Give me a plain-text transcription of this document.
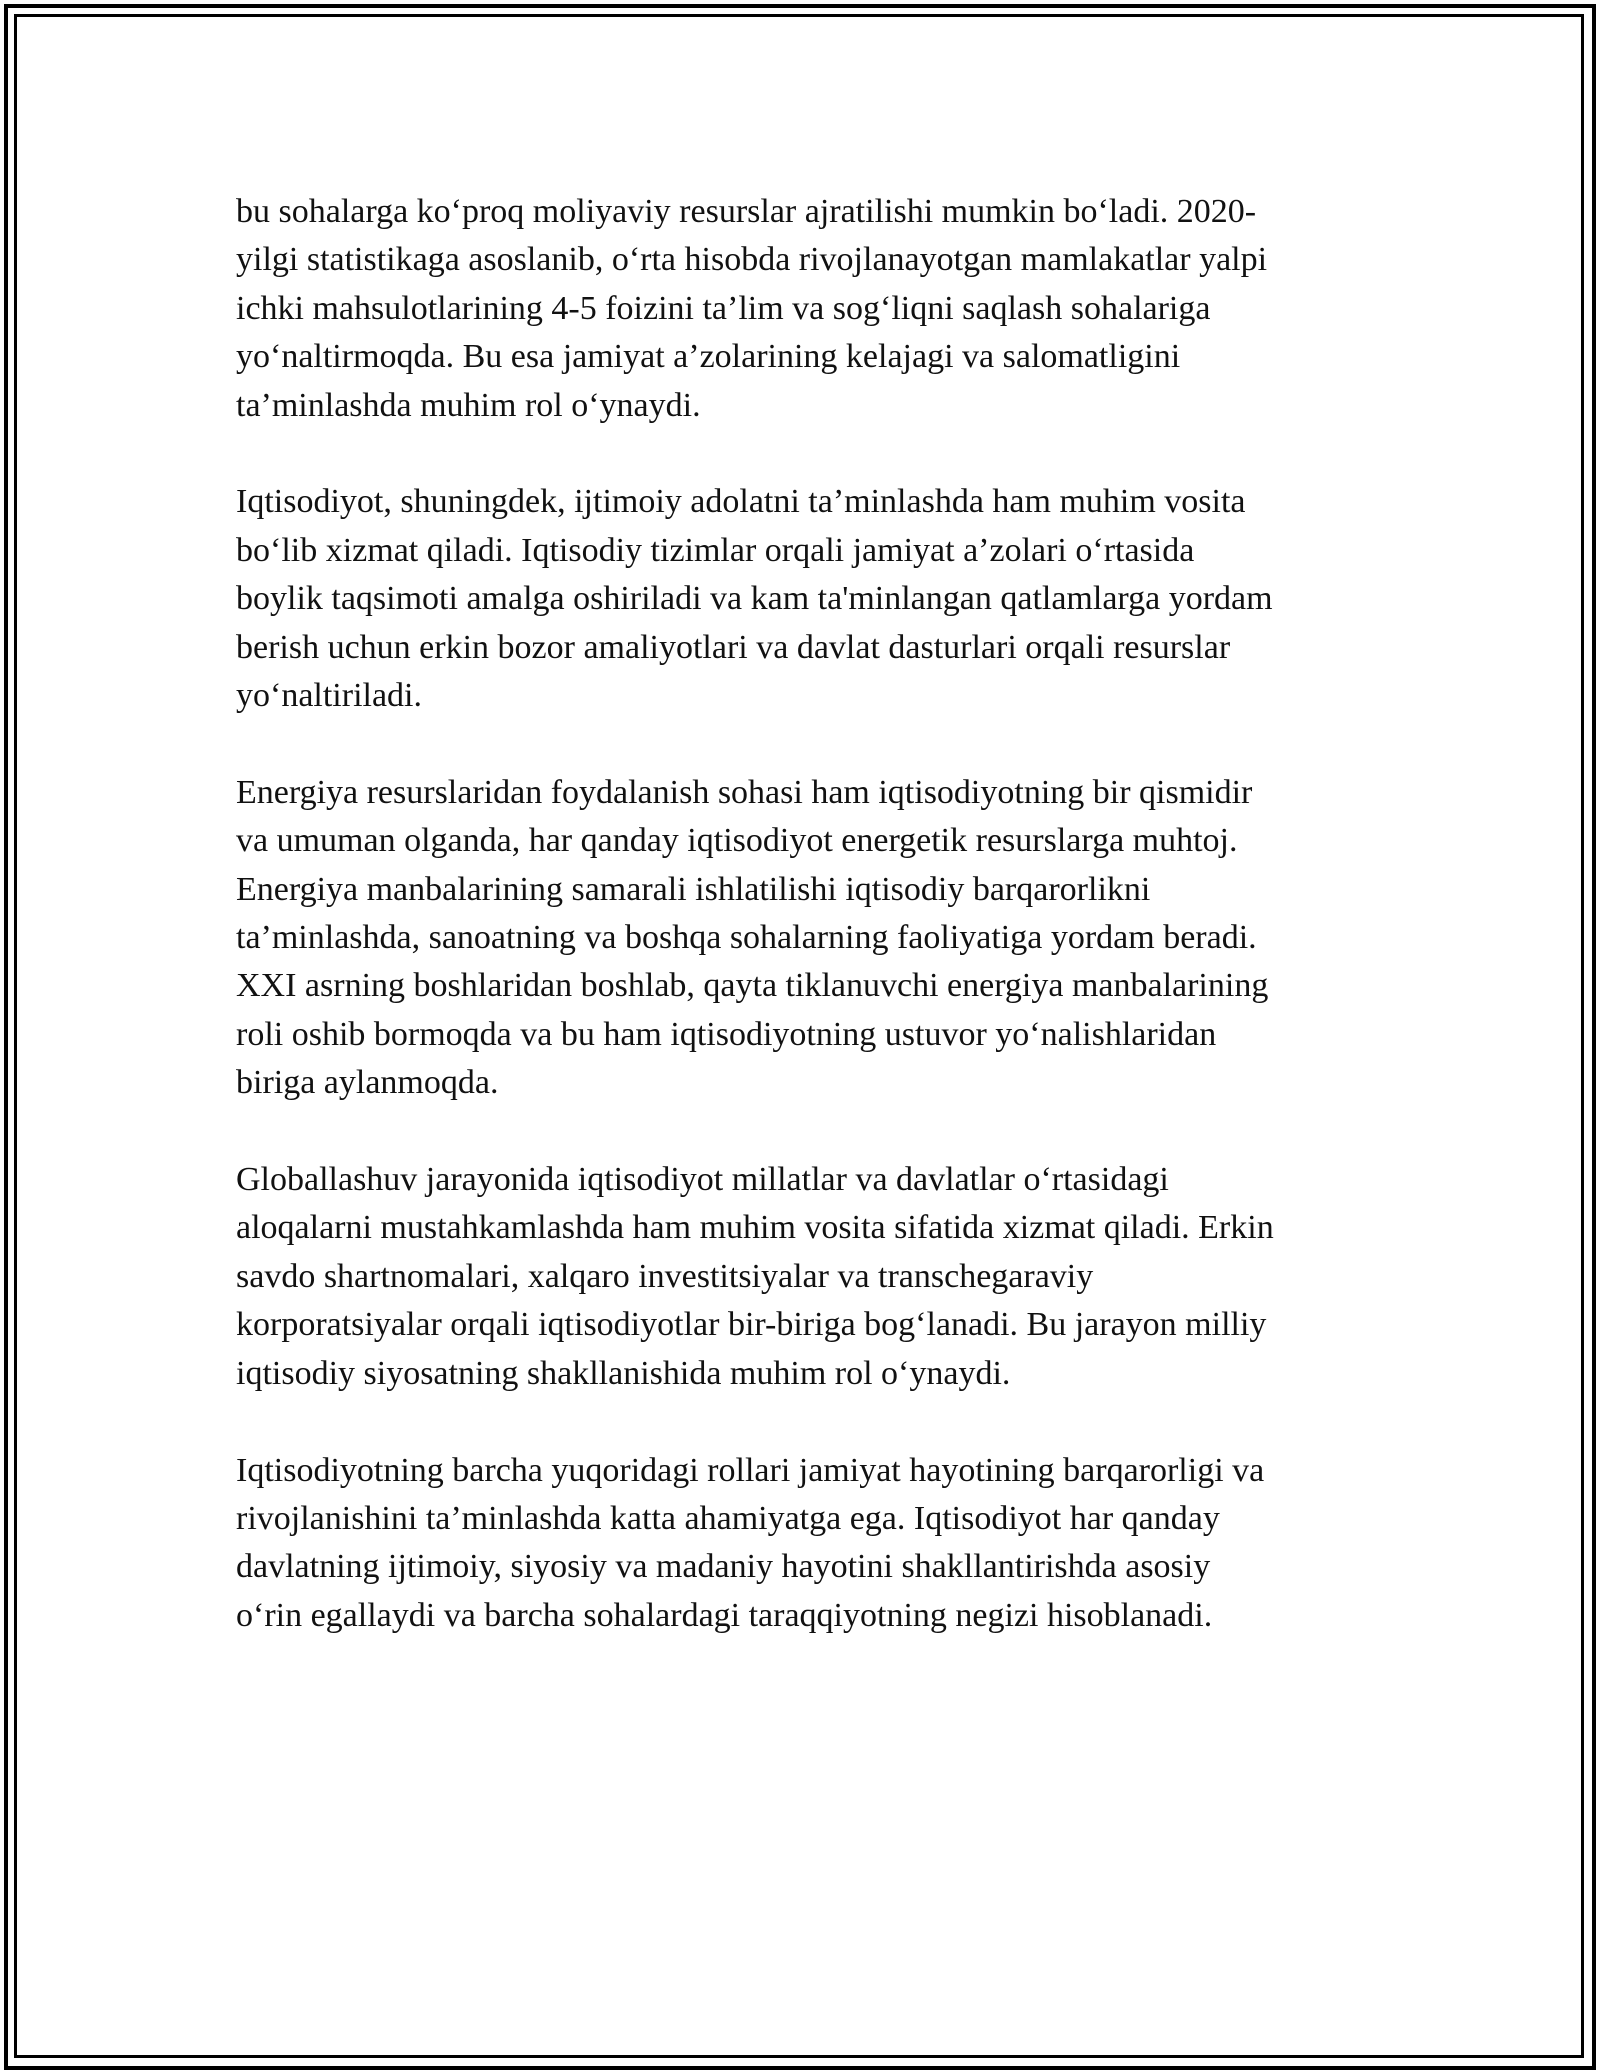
bu sohalarga ko‘proq moliyaviy resurslar ajratilishi mumkin bo‘ladi. 2020-
yilgi statistikaga asoslanib, o‘rta hisobda rivojlanayotgan mamlakatlar yalpi
ichki mahsulotlarining 4-5 foizini ta’lim va sog‘liqni saqlash sohalariga
yo‘naltirmoqda. Bu esa jamiyat a’zolarining kelajagi va salomatligini
ta’minlashda muhim rol o‘ynaydi.

Iqtisodiyot, shuningdek, ijtimoiy adolatni ta’minlashda ham muhim vosita
bo‘lib xizmat qiladi. Iqtisodiy tizimlar orqali jamiyat a’zolari o‘rtasida
boylik taqsimoti amalga oshiriladi va kam ta'minlangan qatlamlarga yordam
berish uchun erkin bozor amaliyotlari va davlat dasturlari orqali resurslar
yo‘naltiriladi.

Energiya resurslaridan foydalanish sohasi ham iqtisodiyotning bir qismidir
va umuman olganda, har qanday iqtisodiyot energetik resurslarga muhtoj.
Energiya manbalarining samarali ishlatilishi iqtisodiy barqarorlikni
ta’minlashda, sanoatning va boshqa sohalarning faoliyatiga yordam beradi.
XXI asrning boshlaridan boshlab, qayta tiklanuvchi energiya manbalarining
roli oshib bormoqda va bu ham iqtisodiyotning ustuvor yo‘nalishlaridan
biriga aylanmoqda.

Globallashuv jarayonida iqtisodiyot millatlar va davlatlar o‘rtasidagi
aloqalarni mustahkamlashda ham muhim vosita sifatida xizmat qiladi. Erkin
savdo shartnomalari, xalqaro investitsiyalar va transchegaraviy
korporatsiyalar orqali iqtisodiyotlar bir-biriga bog‘lanadi. Bu jarayon milliy
iqtisodiy siyosatning shakllanishida muhim rol o‘ynaydi.

Iqtisodiyotning barcha yuqoridagi rollari jamiyat hayotining barqarorligi va
rivojlanishini ta’minlashda katta ahamiyatga ega. Iqtisodiyot har qanday
davlatning ijtimoiy, siyosiy va madaniy hayotini shakllantirishda asosiy
o‘rin egallaydi va barcha sohalardagi taraqqiyotning negizi hisoblanadi.
